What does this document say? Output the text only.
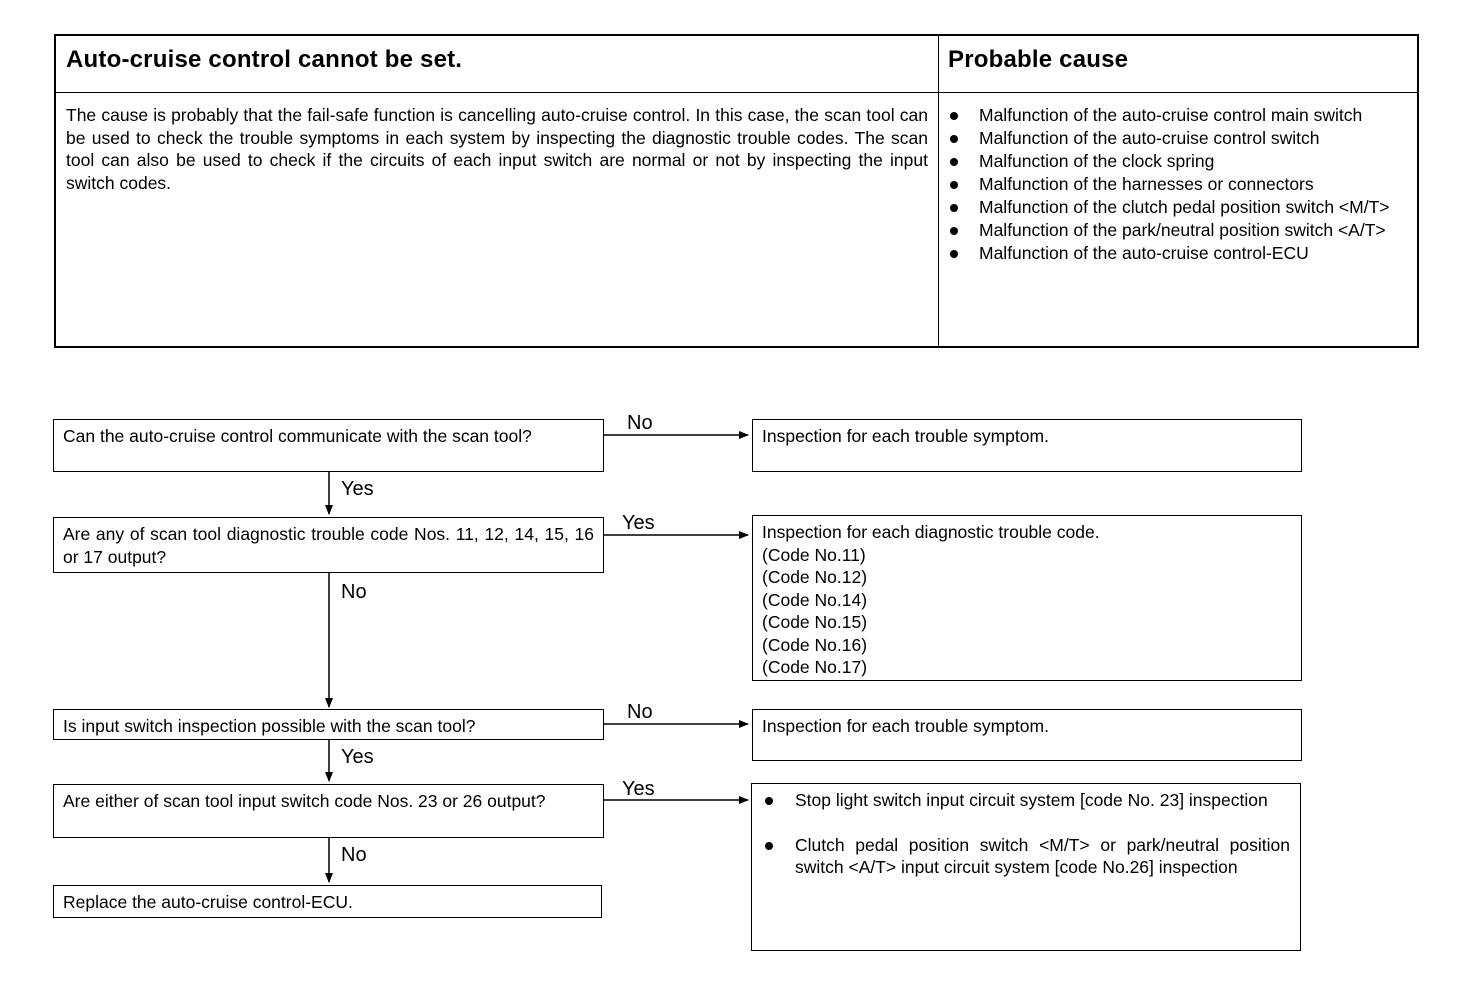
Auto-cruise control cannot be set.	Probable cause
The cause is probably that the fail-safe function is cancelling auto-cruise control. In this case, the scan tool can be used to check the trouble symptoms in each system by inspecting the diagnostic trouble codes. The scan tool can also be used to check if the circuits of each input switch are normal or not by inspecting the input switch codes.
Malfunction of the auto-cruise control main switch
Malfunction of the auto-cruise control switch
Malfunction of the clock spring
Malfunction of the harnesses or connectors
Malfunction of the clutch pedal position switch <M/T>
Malfunction of the park/neutral position switch <A/T>
Malfunction of the auto-cruise control-ECU
Can the auto-cruise control communicate with the scan tool?
Are any of scan tool diagnostic trouble code Nos. 11, 12, 14, 15, 16 or 17 output?
Is input switch inspection possible with the scan tool?
Are either of scan tool input switch code Nos. 23 or 26 output?
Replace the auto-cruise control-ECU.
Inspection for each trouble symptom.
Inspection for each diagnostic trouble code.
(Code No.11)
(Code No.12)
(Code No.14)
(Code No.15)
(Code No.16)
(Code No.17)
Inspection for each trouble symptom.
Stop light switch input circuit system [code No. 23] inspection
Clutch pedal position switch <M/T> or park/neutral position switch <A/T> input circuit system [code No.26] inspection
No
Yes
Yes
No
No
Yes
Yes
No
